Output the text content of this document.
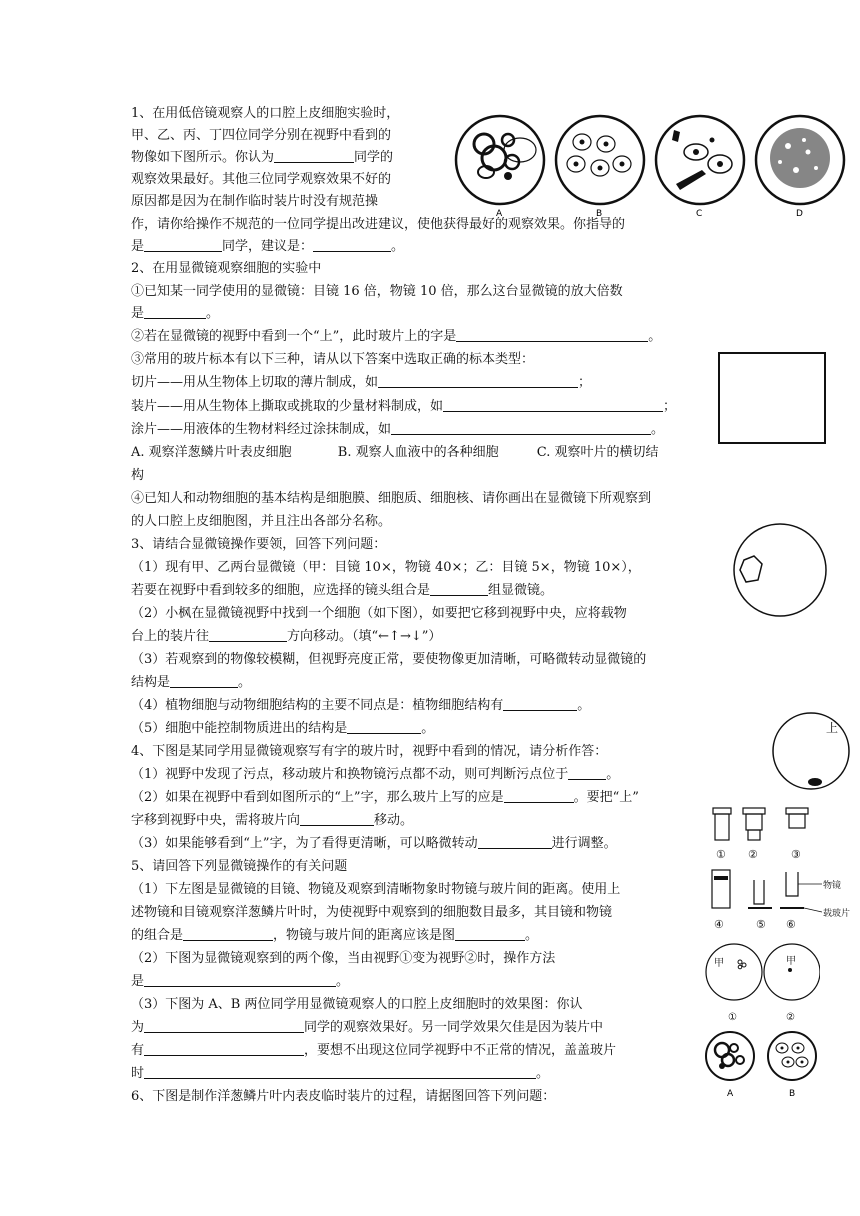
1、在用低倍镜观察人的口腔上皮细胞实验时，
甲、乙、丙、丁四位同学分别在视野中看到的
物像如下图所示。你认为	同学的
观察效果最好。其他三位同学观察效果不好的
原因都是因为在制作临时装片时没有规范操
作，请你给操作不规范的一位同学提出改进建议，使他获得最好的观察效果。你指导的
是	同学，建议是：	。
A	B	C	D
2、在用显微镜观察细胞的实验中
①已知某一同学使用的显微镜：目镜 16 倍，物镜 10 倍，那么这台显微镜的放大倍数
是	。
②若在显微镜的视野中看到一个“上”，此时玻片上的字是	。
③常用的玻片标本有以下三种，请从以下答案中选取正确的标本类型：
切片——用从生物体上切取的薄片制成，如	；
装片——用从生物体上撕取或挑取的少量材料制成，如	；
涂片——用液体的生物材料经过涂抹制成，如	。
A. 观察洋葱鳞片叶表皮细胞	B. 观察人血液中的各种细胞	C. 观察叶片的横切结
构
④已知人和动物细胞的基本结构是细胞膜、细胞质、细胞核、请你画出在显微镜下所观察到
的人口腔上皮细胞图，并且注出各部分名称。
3、请结合显微镜操作要领，回答下列问题：
（1）现有甲、乙两台显微镜（甲：目镜 10×，物镜 40×；乙：目镜 5×，物镜 10×），
若要在视野中看到较多的细胞，应选择的镜头组合是	组显微镜。
（2）小枫在显微镜视野中找到一个细胞（如下图），如要把它移到视野中央，应将载物
台上的装片往	方向移动。（填“←↑→↓”）
（3）若观察到的物像较模糊，但视野亮度正常，要使物像更加清晰，可略微转动显微镜的
结构是	。
（4）植物细胞与动物细胞结构的主要不同点是：植物细胞结构有	。
（5）细胞中能控制物质进出的结构是	。
4、下图是某同学用显微镜观察写有字的玻片时，视野中看到的情况，请分析作答：
（1）视野中发现了污点，移动玻片和换物镜污点都不动，则可判断污点位于	。
（2）如果在视野中看到如图所示的“上”字，那么玻片上写的应是	。要把“上”
字移到视野中央，需将玻片向	移动。
（3）如果能够看到“上”字，为了看得更清晰，可以略微转动	进行调整。
上
5、请回答下列显微镜操作的有关问题
（1）下左图是显微镜的目镜、物镜及观察到清晰物象时物镜与玻片间的距离。使用上
述物镜和目镜观察洋葱鳞片叶时，为使视野中观察到的细胞数目最多，其目镜和物镜
的组合是	，物镜与玻片间的距离应该是图	。
（2）下图为显微镜观察到的两个像，当由视野①变为视野②时，操作方法
是	。
（3）下图为 A、B 两位同学用显微镜观察人的口腔上皮细胞时的效果图：你认
为	同学的观察效果好。另一同学效果欠佳是因为装片中
有	，要想不出现这位同学视野中不正常的情况，盖盖玻片
时	。
① ②	③
物镜
载玻片
④	⑤ ⑥
甲	甲
①	②
A	B
6、下图是制作洋葱鳞片叶内表皮临时装片的过程，请据图回答下列问题：
